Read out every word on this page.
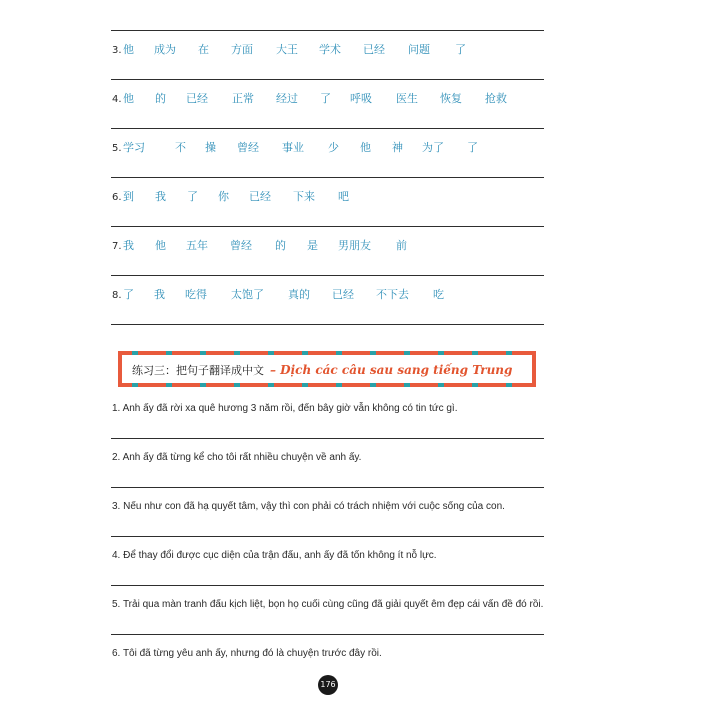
3. 他 成为 在 方面 大王 学术 已经 问题 了
4. 他 的 已经 正常 经过 了 呼吸 医生 恢复 抢救
5. 学习	不 操 曾经 事业 少 他 神 为了 了
6. 到 我 了 你 已经 下来 吧
7. 我 他 五年 曾经 的 是 男朋友 前
8. 了 我 吃得 太饱了 真的 已经 不下去 吃
练习三：把句子翻译成中文 – Dịch các câu sau sang tiếng Trung
1. Anh ấy đã rời xa quê hương 3 năm rồi, đến bây giờ vẫn không có tin tức gì.
2. Anh ấy đã từng kể cho tôi rất nhiều chuyện về anh ấy.
3. Nếu như con đã hạ quyết tâm, vậy thì con phải có trách nhiệm với cuộc sống của con.
4. Để thay đổi được cục diện của trận đấu, anh ấy đã tốn không ít nỗ lực.
5. Trải qua màn tranh đấu kịch liệt, bọn họ cuối cùng cũng đã giải quyết êm đẹp cái vấn đề đó rồi.
6. Tôi đã từng yêu anh ấy, nhưng đó là chuyện trước đây rồi.
176
